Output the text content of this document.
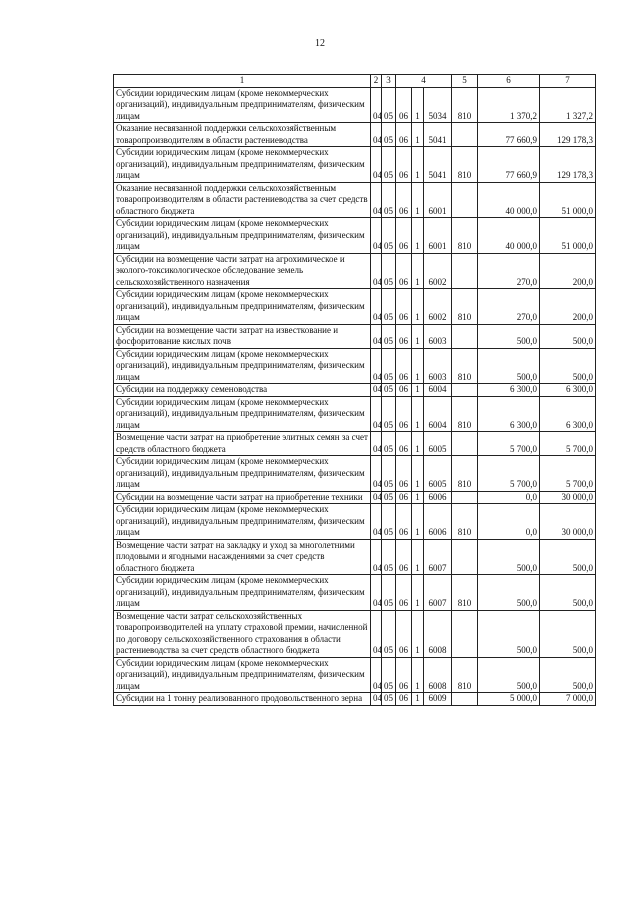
12
1	2	3	4			5	6	7
Субсидии юридическим лицам (кроме некоммерческих организаций), индивидуальным предпринимателям, физическим лицам	04	05	06	1	5034	810	1 370,2	1 327,2
Оказание несвязанной поддержки сельскохозяйственным товаропроизводителям в области растениеводства	04	05	06	1	5041		77 660,9	129 178,3
Субсидии юридическим лицам (кроме некоммерческих организаций), индивидуальным предпринимателям, физическим лицам	04	05	06	1	5041	810	77 660,9	129 178,3
Оказание несвязанной поддержки сельскохозяйственным товаропроизводителям в области растениеводства за счет средств областного бюджета	04	05	06	1	6001		40 000,0	51 000,0
Субсидии юридическим лицам (кроме некоммерческих организаций), индивидуальным предпринимателям, физическим лицам	04	05	06	1	6001	810	40 000,0	51 000,0
Субсидии на возмещение части затрат на агрохимическое и эколого-токсикологическое обследование земель сельскохозяйственного назначения	04	05	06	1	6002		270,0	200,0
Субсидии юридическим лицам (кроме некоммерческих организаций), индивидуальным предпринимателям, физическим лицам	04	05	06	1	6002	810	270,0	200,0
Субсидии на возмещение части затрат на известкование и фосфоритование кислых почв	04	05	06	1	6003		500,0	500,0
Субсидии юридическим лицам (кроме некоммерческих организаций), индивидуальным предпринимателям, физическим лицам	04	05	06	1	6003	810	500,0	500,0
Субсидии на поддержку семеноводства	04	05	06	1	6004		6 300,0	6 300,0
Субсидии юридическим лицам (кроме некоммерческих организаций), индивидуальным предпринимателям, физическим лицам	04	05	06	1	6004	810	6 300,0	6 300,0
Возмещение части затрат на приобретение элитных семян за счет средств областного бюджета	04	05	06	1	6005		5 700,0	5 700,0
Субсидии юридическим лицам (кроме некоммерческих организаций), индивидуальным предпринимателям, физическим лицам	04	05	06	1	6005	810	5 700,0	5 700,0
Субсидии на возмещение части затрат на приобретение техники	04	05	06	1	6006		0,0	30 000,0
Субсидии юридическим лицам (кроме некоммерческих организаций), индивидуальным предпринимателям, физическим лицам	04	05	06	1	6006	810	0,0	30 000,0
Возмещение части затрат на закладку и уход за многолетними плодовыми и ягодными насаждениями за счет средств областного бюджета	04	05	06	1	6007		500,0	500,0
Субсидии юридическим лицам (кроме некоммерческих организаций), индивидуальным предпринимателям, физическим лицам	04	05	06	1	6007	810	500,0	500,0
Возмещение части затрат сельскохозяйственных товаропроизводителей на уплату страховой премии, начисленной по договору сельскохозяйственного страхования в области растениеводства за счет средств областного бюджета	04	05	06	1	6008		500,0	500,0
Субсидии юридическим лицам (кроме некоммерческих организаций), индивидуальным предпринимателям, физическим лицам	04	05	06	1	6008	810	500,0	500,0
Субсидии на 1 тонну реализованного продовольственного зерна	04	05	06	1	6009		5 000,0	7 000,0
